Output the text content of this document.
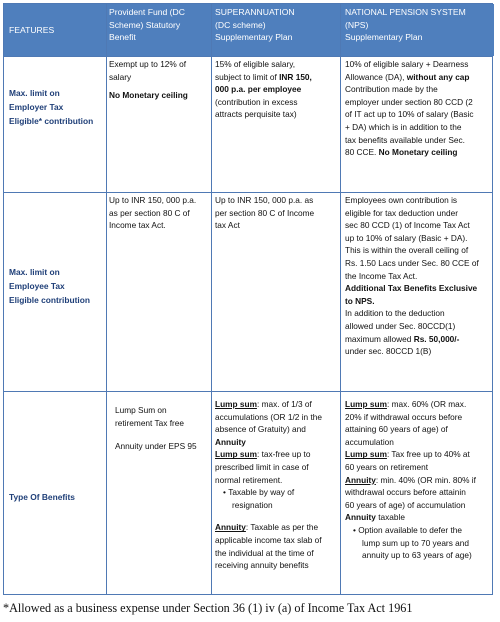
FEATURES
Provident Fund (DC
Scheme) Statutory
Benefit
SUPERANNUATION
(DC scheme)
Supplementary Plan
NATIONAL PENSION SYSTEM
(NPS)
Supplementary Plan
Max. limit on
Employer Tax
Eligible* contribution
Exempt up to 12% of
salary
No Monetary ceiling
15% of eligible salary,
subject to limit of INR 150,
000 p.a. per employee
(contribution in excess
attracts perquisite tax)
10% of eligible salary + Dearness
Allowance (DA), without any cap
Contribution made by the
employer under section 80 CCD (2
of IT act up to 10% of salary (Basic
+ DA) which is in addition to the
tax benefits available under Sec.
80 CCE. No Monetary ceiling
Max. limit on
Employee Tax
Eligible contribution
Up to INR 150, 000 p.a.
as per section 80 C of
Income tax Act.
Up to INR 150, 000 p.a. as
per section 80 C of Income
tax Act
Employees own contribution is
eligible for tax deduction under
sec 80 CCD (1) of Income Tax Act
up to 10% of salary (Basic + DA).
This is within the overall ceiling of
Rs. 1.50 Lacs under Sec. 80 CCE of
the Income Tax Act.
Additional Tax Benefits Exclusive
to NPS.
In addition to the deduction
allowed under Sec. 80CCD(1)
maximum allowed Rs. 50,000/-
under sec. 80CCD 1(B)
Type Of Benefits
Lump Sum on
retirement Tax free
Annuity under EPS 95
Lump sum: max. of 1/3 of
accumulations (OR 1/2 in the
absence of Gratuity) and
Annuity
Lump sum: tax-free up to
prescribed limit in case of
normal retirement.
• Taxable by way of
resignation
Annuity: Taxable as per the
applicable income tax slab of
the individual at the time of
receiving annuity benefits
Lump sum: max. 60% (OR max.
20% if withdrawal occurs before
attaining 60 years of age) of
accumulation
Lump sum: Tax free up to 40% at
60 years on retirement
Annuity: min. 40% (OR min. 80% if
withdrawal occurs before attainin
60 years of age) of accumulation
Annuity taxable
• Option available to defer the
lump sum up to 70 years and
annuity up to 63 years of age)
*Allowed as a business expense under Section 36 (1) iv (a) of Income Tax Act 1961
